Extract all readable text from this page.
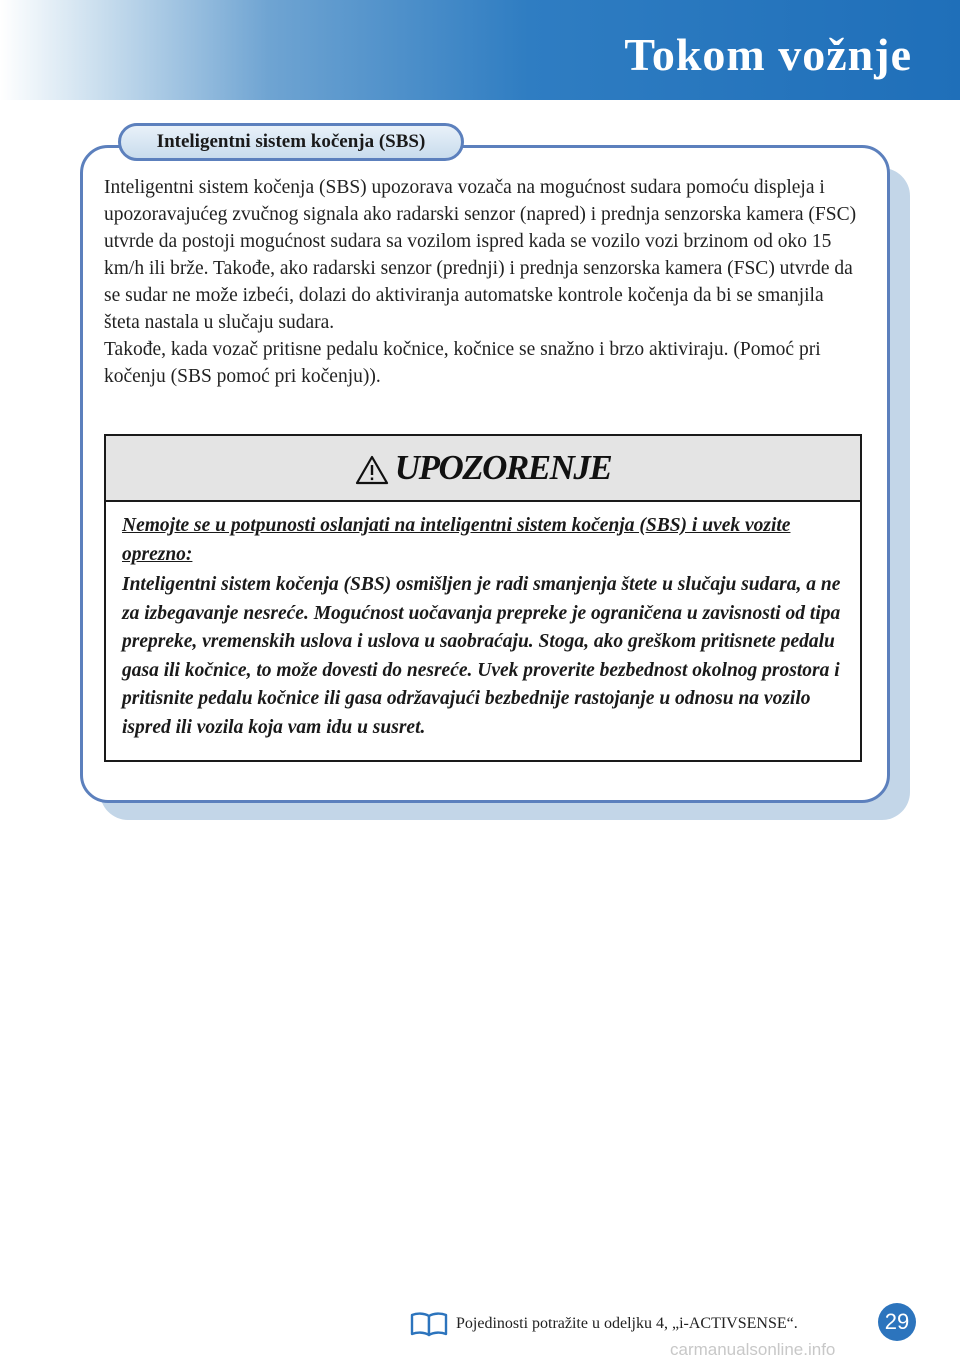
Tokom vožnje
Inteligentni sistem kočenja (SBS)

Inteligentni sistem kočenja (SBS) upozorava vozača na mogućnost sudara pomoću displeja i upozoravajućeg zvučnog signala ako radarski senzor (napred) i prednja senzorska kamera (FSC) utvrde da postoji mogućnost sudara sa vozilom ispred kada se vozilo vozi brzinom od oko 15 km/h ili brže. Takođe, ako radarski senzor (prednji) i prednja senzorska kamera (FSC) utvrde da se sudar ne može izbeći, dolazi do aktiviranja automatske kontrole kočenja da bi se smanjila šteta nastala u slučaju sudara.

Takođe, kada vozač pritisne pedalu kočnice, kočnice se snažno i brzo aktiviraju. (Pomoć pri kočenju (SBS pomoć pri kočenju)).

UPOZORENJE

Nemojte se u potpunosti oslanjati na inteligentni sistem kočenja (SBS) i uvek vozite oprezno:

Inteligentni sistem kočenja (SBS) osmišljen je radi smanjenja štete u slučaju sudara, a ne za izbegavanje nesreće. Mogućnost uočavanja prepreke je ograničena u zavisnosti od tipa prepreke, vremenskih uslova i uslova u saobraćaju. Stoga, ako greškom pritisnete pedalu gasa ili kočnice, to može dovesti do nesreće. Uvek proverite bezbednost okolnog prostora i pritisnite pedalu kočnice ili gasa održavajući bezbednije rastojanje u odnosu na vozilo ispred ili vozila koja vam idu u susret.

Pojedinosti potražite u odeljku 4, „i-ACTIVSENSE“.	29
carmanualsonline.info
